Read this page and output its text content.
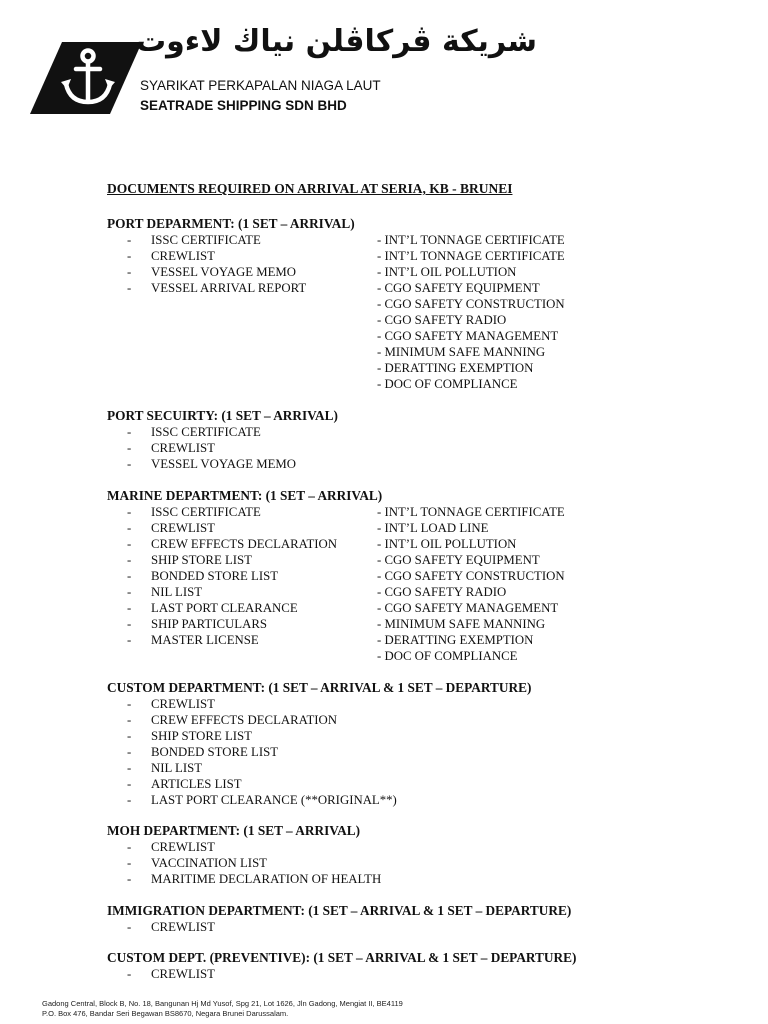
شريكة ڤرکاڤلن نياڬ لاءوت
SYARIKAT PERKAPALAN NIAGA LAUT
SEATRADE SHIPPING SDN BHD
DOCUMENTS REQUIRED ON ARRIVAL AT SERIA, KB - BRUNEI
PORT DEPARMENT: (1 SET – ARRIVAL)
- ISSC CERTIFICATE
- CREWLIST
- VESSEL VOYAGE MEMO
- VESSEL ARRIVAL REPORT
- INT’L TONNAGE CERTIFICATE
- INT’L TONNAGE CERTIFICATE
- INT’L OIL POLLUTION
- CGO SAFETY EQUIPMENT
- CGO SAFETY CONSTRUCTION
- CGO SAFETY RADIO
- CGO SAFETY MANAGEMENT
- MINIMUM SAFE MANNING
- DERATTING EXEMPTION
- DOC OF COMPLIANCE
PORT SECUIRTY: (1 SET – ARRIVAL)
- ISSC CERTIFICATE
- CREWLIST
- VESSEL VOYAGE MEMO
MARINE DEPARTMENT: (1 SET – ARRIVAL)
- ISSC CERTIFICATE
- CREWLIST
- CREW EFFECTS DECLARATION
- SHIP STORE LIST
- BONDED STORE LIST
- NIL LIST
- LAST PORT CLEARANCE
- SHIP PARTICULARS
- MASTER LICENSE
- INT’L TONNAGE CERTIFICATE
- INT’L LOAD LINE
- INT’L OIL POLLUTION
- CGO SAFETY EQUIPMENT
- CGO SAFETY CONSTRUCTION
- CGO SAFETY RADIO
- CGO SAFETY MANAGEMENT
- MINIMUM SAFE MANNING
- DERATTING EXEMPTION
- DOC OF COMPLIANCE
CUSTOM DEPARTMENT: (1 SET – ARRIVAL & 1 SET – DEPARTURE)
- CREWLIST
- CREW EFFECTS DECLARATION
- SHIP STORE LIST
- BONDED STORE LIST
- NIL LIST
- ARTICLES LIST
- LAST PORT CLEARANCE (**ORIGINAL**)
MOH DEPARTMENT: (1 SET – ARRIVAL)
- CREWLIST
- VACCINATION LIST
- MARITIME DECLARATION OF HEALTH
IMMIGRATION DEPARTMENT: (1 SET – ARRIVAL & 1 SET – DEPARTURE)
- CREWLIST
CUSTOM DEPT. (PREVENTIVE): (1 SET – ARRIVAL & 1 SET – DEPARTURE)
- CREWLIST
Gadong Central, Block B, No. 18, Bangunan Hj Md Yusof, Spg 21, Lot 1626, Jln Gadong, Mengiat II, BE4119
P.O. Box 476, Bandar Seri Begawan BS8670, Negara Brunei Darussalam.
